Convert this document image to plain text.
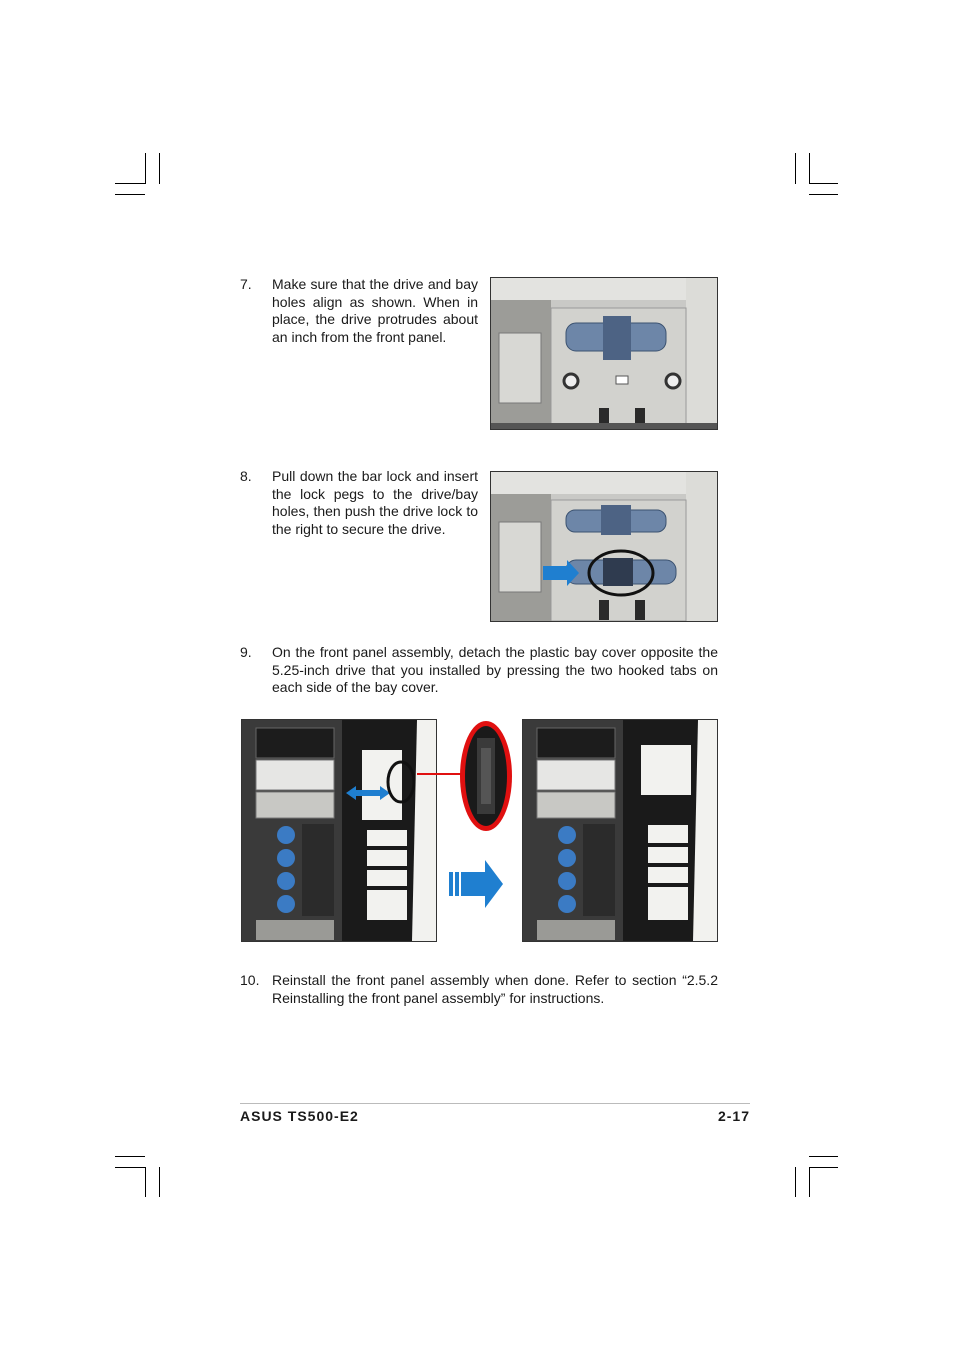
7. Make sure that the drive and bay holes align as shown. When in place, the drive protrudes about an inch from the front panel.
8. Pull down the bar lock and insert the lock pegs to the drive/bay holes, then push the drive lock to the right to secure the drive.
9. On the front panel assembly, detach the plastic bay cover opposite the 5.25-inch drive that you installed by pressing the two hooked tabs on each side of the bay cover.
10. Reinstall the front panel assembly when done. Refer to section “2.5.2 Reinstalling the front panel assembly” for instructions.
ASUS TS500-E2	2-17
